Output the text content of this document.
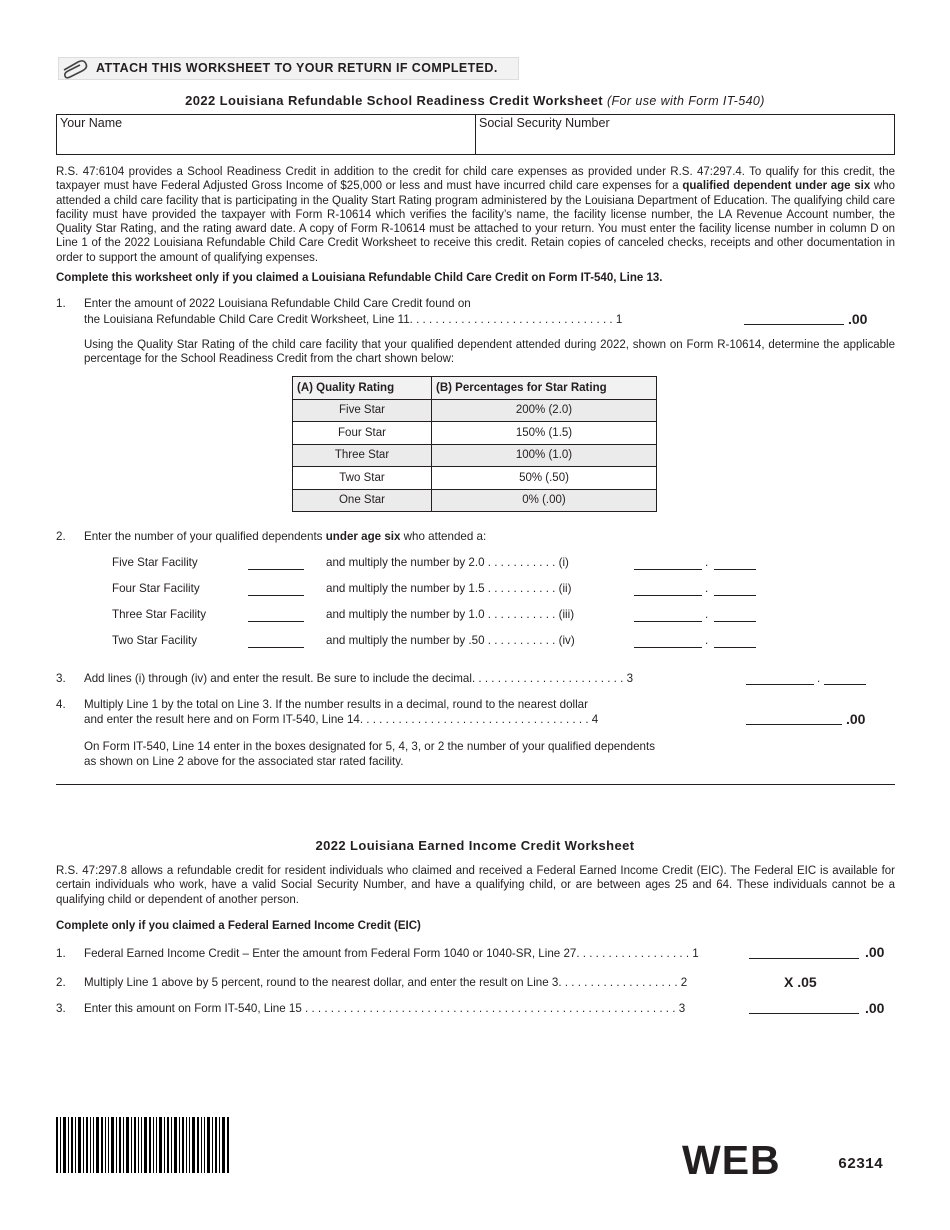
ATTACH THIS WORKSHEET TO YOUR RETURN IF COMPLETED.
2022 Louisiana Refundable School Readiness Credit Worksheet (For use with Form IT-540)
Your Name	Social Security Number
R.S. 47:6104 provides a School Readiness Credit in addition to the credit for child care expenses as provided under R.S. 47:297.4. To qualify for this credit, the taxpayer must have Federal Adjusted Gross Income of $25,000 or less and must have incurred child care expenses for a qualified dependent under age six who attended a child care facility that is participating in the Quality Start Rating program administered by the Louisiana Department of Education. The qualifying child care facility must have provided the taxpayer with Form R-10614 which verifies the facility’s name, the facility license number, the LA Revenue Account number, the Quality Star Rating, and the rating award date. A copy of Form R-10614 must be attached to your return. You must enter the facility license number in column D on Line 1 of the 2022 Louisiana Refundable Child Care Credit Worksheet to receive this credit. Retain copies of canceled checks, receipts and other documentation in order to support the amount of qualifying expenses.
Complete this worksheet only if you claimed a Louisiana Refundable Child Care Credit on Form IT-540, Line 13.
1. Enter the amount of 2022 Louisiana Refundable Child Care Credit found on
the Louisiana Refundable Child Care Credit Worksheet, Line 11. . . . . . . . . . . . . . . . . . . . . . . . . . . . . . . . 1	.00
Using the Quality Star Rating of the child care facility that your qualified dependent attended during 2022, shown on Form R-10614, determine the applicable percentage for the School Readiness Credit from the chart shown below:
(A) Quality Rating	(B) Percentages for Star Rating
Five Star	200% (2.0)
Four Star	150% (1.5)
Three Star	100% (1.0)
Two Star	50% (.50)
One Star	0% (.00)
2. Enter the number of your qualified dependents under age six who attended a:
Five Star Facility	and multiply the number by 2.0 . . . . . . . . . . . (i)	.
Four Star Facility	and multiply the number by 1.5 . . . . . . . . . . . (ii)	.
Three Star Facility	and multiply the number by 1.0 . . . . . . . . . . . (iii)	.
Two Star Facility	and multiply the number by .50 . . . . . . . . . . . (iv)	.
3. Add lines (i) through (iv) and enter the result. Be sure to include the decimal. . . . . . . . . . . . . . . . . . . . . . . . 3	.
4. Multiply Line 1 by the total on Line 3. If the number results in a decimal, round to the nearest dollar
and enter the result here and on Form IT-540, Line 14. . . . . . . . . . . . . . . . . . . . . . . . . . . . . . . . . . . . 4	.00
On Form IT-540, Line 14 enter in the boxes designated for 5, 4, 3, or 2 the number of your qualified dependents
as shown on Line 2 above for the associated star rated facility.
2022 Louisiana Earned Income Credit Worksheet
R.S. 47:297.8 allows a refundable credit for resident individuals who claimed and received a Federal Earned Income Credit (EIC). The Federal EIC is available for certain individuals who work, have a valid Social Security Number, and have a qualifying child, or are between ages 25 and 64. These individuals cannot be a qualifying child or dependent of another person.
Complete only if you claimed a Federal Earned Income Credit (EIC)
1. Federal Earned Income Credit – Enter the amount from Federal Form 1040 or 1040-SR, Line 27. . . . . . . . . . . . . . . . . . 1	.00
2. Multiply Line 1 above by 5 percent, round to the nearest dollar, and enter the result on Line 3. . . . . . . . . . . . . . . . . . . 2	X .05
3. Enter this amount on Form IT-540, Line 15 . . . . . . . . . . . . . . . . . . . . . . . . . . . . . . . . . . . . . . . . . . . . . . . . . . . . . . . . . . 3	.00
WEB	62314
